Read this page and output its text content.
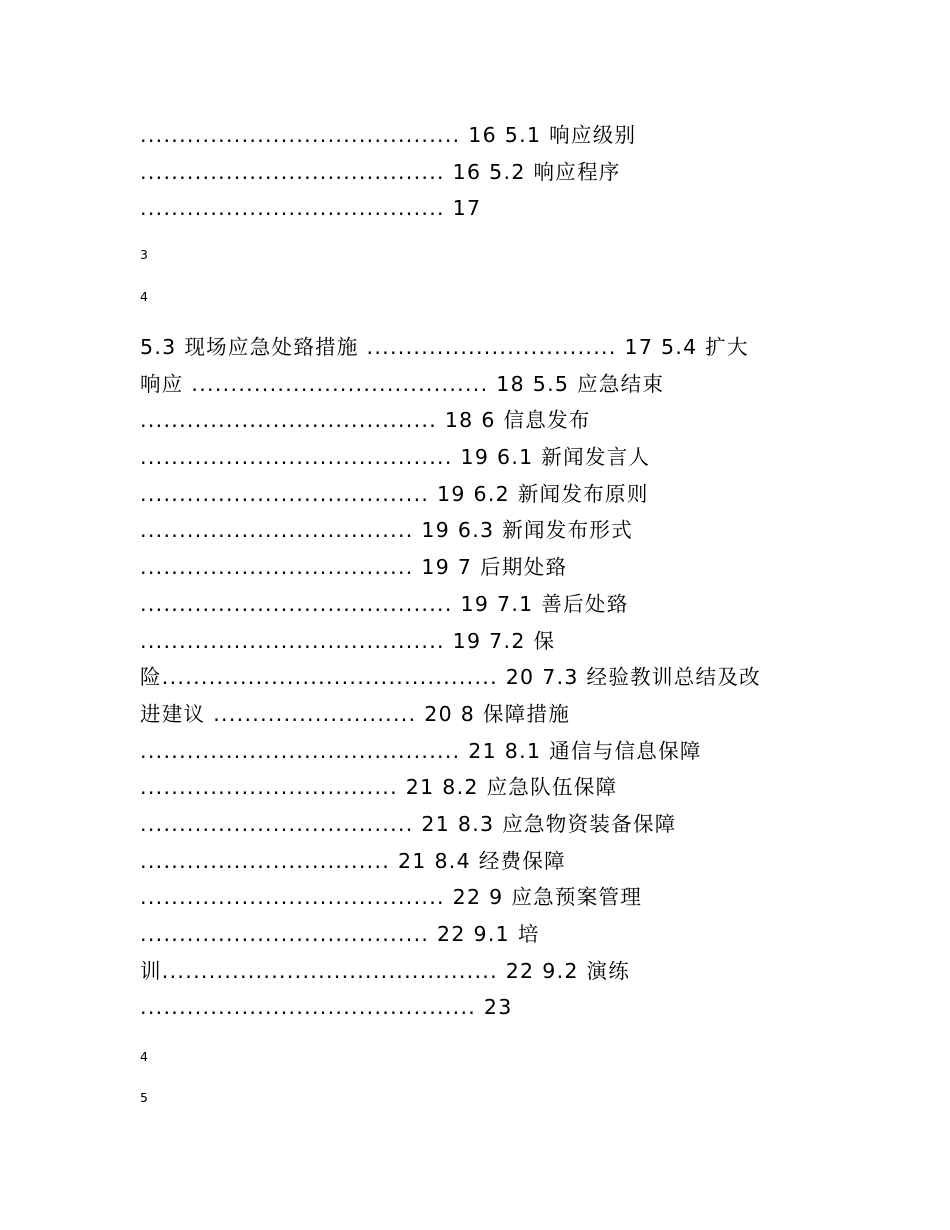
......................................... 16 5.1 响应级别
....................................... 16 5.2 响应程序
....................................... 17
3
4
5.3 现场应急处臵措施 ................................ 17 5.4 扩大
响应 ...................................... 18 5.5 应急结束
...................................... 18 6 信息发布
........................................ 19 6.1 新闻发言人
..................................... 19 6.2 新闻发布原则
................................... 19 6.3 新闻发布形式
................................... 19 7 后期处臵
........................................ 19 7.1 善后处臵
....................................... 19 7.2 保
险........................................... 20 7.3 经验教训总结及改
进建议 .......................... 20 8 保障措施
......................................... 21 8.1 通信与信息保障
................................. 21 8.2 应急队伍保障
................................... 21 8.3 应急物资装备保障
................................ 21 8.4 经费保障
....................................... 22 9 应急预案管理
..................................... 22 9.1 培
训........................................... 22 9.2 演练
........................................... 23
4
5
